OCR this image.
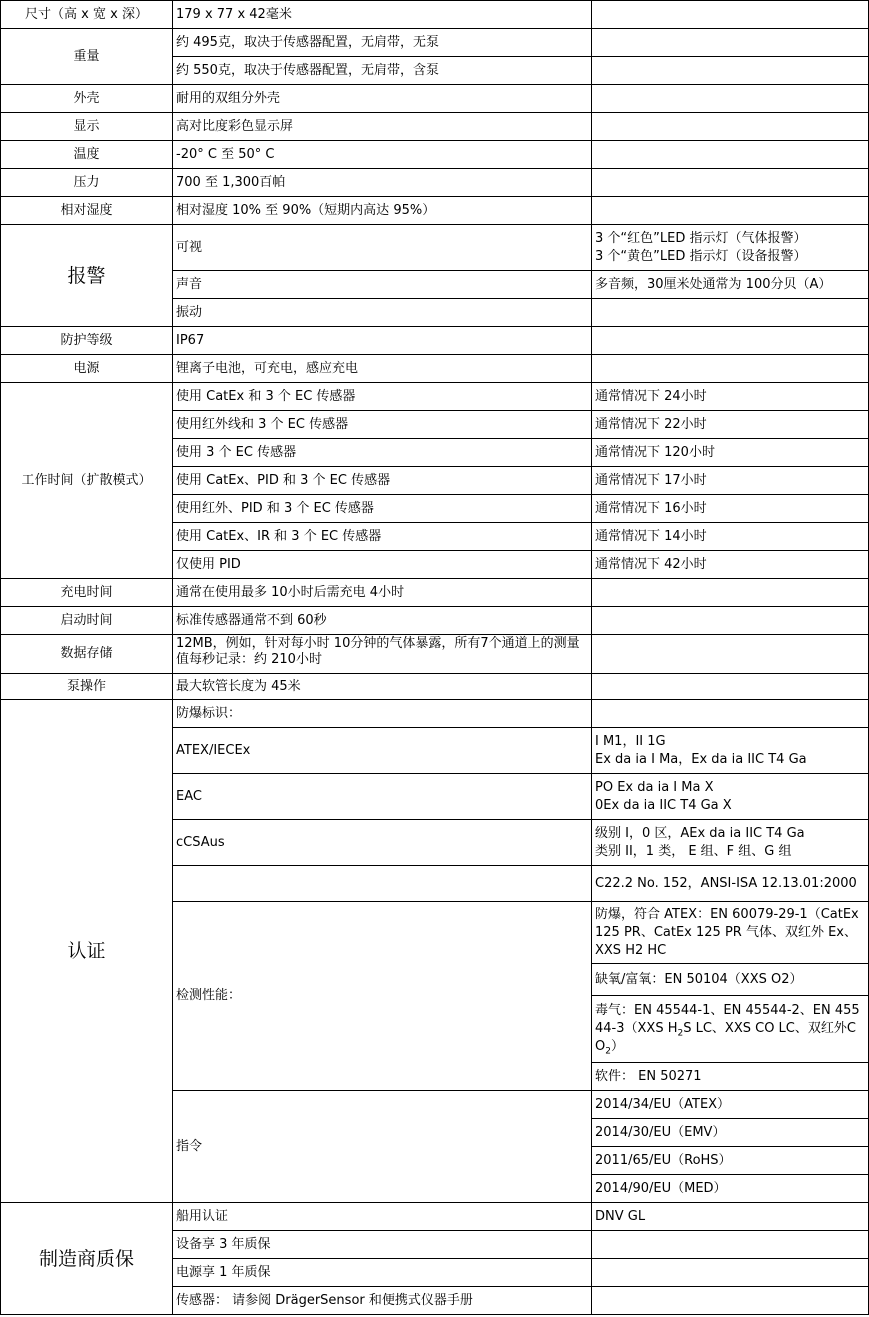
尺寸（高 x 宽 x 深）	179 x 77 x 42毫米	
重量	约 495克，取决于传感器配置，无肩带，无泵	
	约 550克，取决于传感器配置，无肩带，含泵	
外壳	耐用的双组分外壳	
显示	高对比度彩色显示屏	
温度	-20° C 至 50° C	
压力	700 至 1,300百帕	
相对湿度	相对湿度 10% 至 90%（短期内高达 95%）	
报警	可视	3 个“红色”LED 指示灯（气体报警）
3 个“黄色”LED 指示灯（设备报警）

	声音	多音频，30厘米处通常为 100分贝（A）
	振动	
防护等级	IP67	
电源	锂离子电池，可充电，感应充电	
工作时间（扩散模式）	使用 CatEx 和 3 个 EC 传感器	通常情况下 24小时
	使用红外线和 3 个 EC 传感器	通常情况下 22小时
	使用 3 个 EC 传感器	通常情况下 120小时
	使用 CatEx、PID 和 3 个 EC 传感器	通常情况下 17小时
	使用红外、PID 和 3 个 EC 传感器	通常情况下 16小时
	使用 CatEx、IR 和 3 个 EC 传感器	通常情况下 14小时
	仅使用 PID	通常情况下 42小时
充电时间	通常在使用最多 10小时后需充电 4小时	
启动时间	标准传感器通常不到 60秒	
数据存储	12MB，例如，针对每小时 10分钟的气体暴露，所有7个通道上的测量值每秒记录：约 210小时	
泵操作	最大软管长度为 45米	
认证	防爆标识：	
	ATEX/IECEx	I M1，II 1G
Ex da ia I Ma，Ex da ia IIC T4 Ga

	EAC	PO Ex da ia I Ma X
0Ex da ia IIC T4 Ga X

	cCSAus	级别 I，0 区，AEx da ia IIC T4 Ga
类别 II，1 类， E 组、F 组、G 组

		C22.2 No. 152，ANSI-ISA 12.13.01:2000
	检测性能：	防爆，符合 ATEX：EN 60079-29-1（CatEx 125 PR、CatEx 125 PR 气体、双红外 Ex、XXS H2 HC
		缺氧/富氧：EN 50104（XXS O2）
		毒气：EN 45544-1、EN 45544-2、EN 45544-3（XXS $H_2S$ LC、XXS CO LC、双红外$CO_2$）
		软件： EN 50271
	指令	2014/34/EU（ATEX）
		2014/30/EU（EMV）
		2011/65/EU（RoHS）
		2014/90/EU（MED）
制造商质保	船用认证	DNV GL
	设备享 3 年质保	
	电源享 1 年质保	
	传感器： 请参阅 DrägerSensor 和便携式仪器手册	
